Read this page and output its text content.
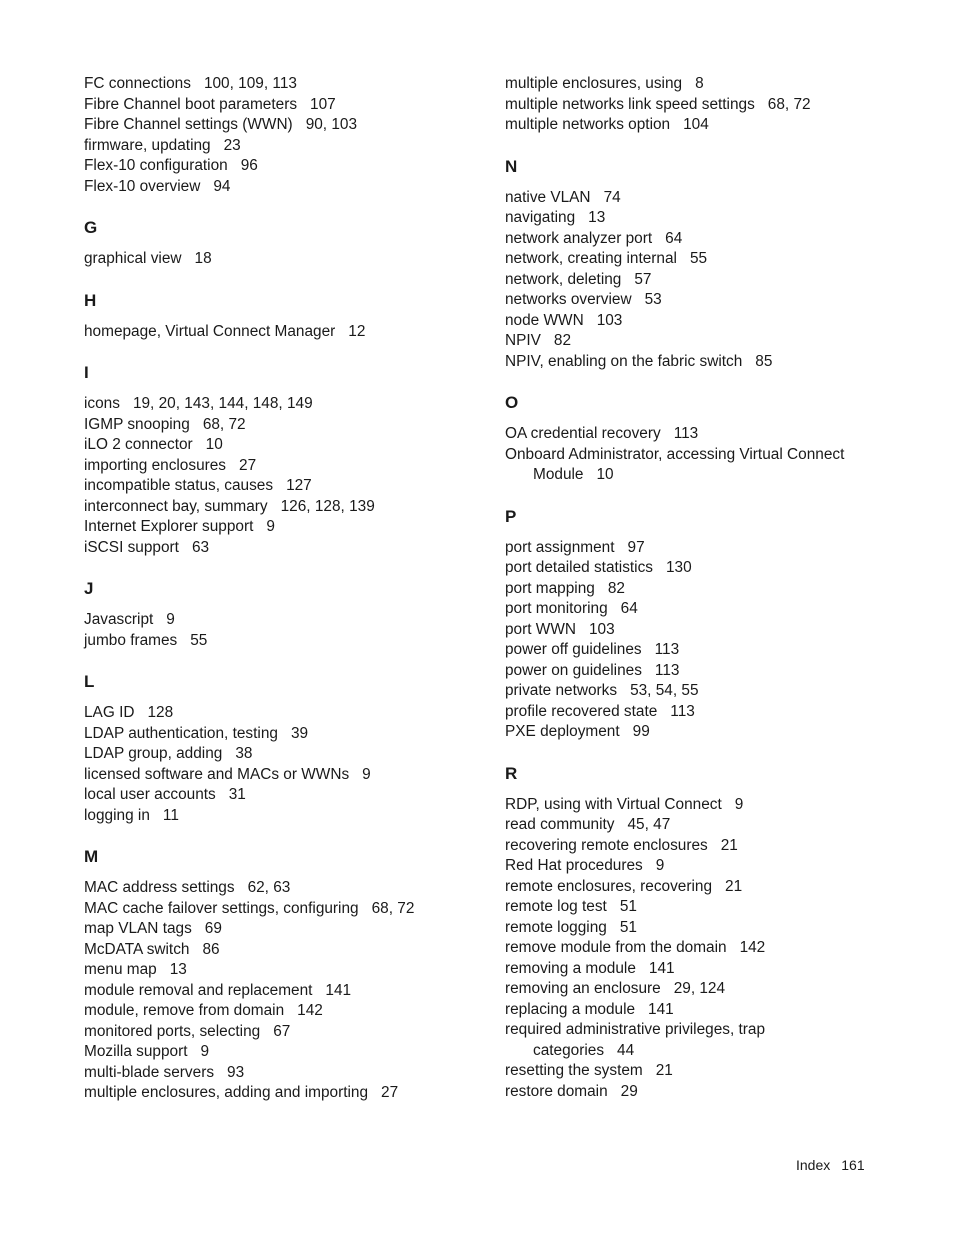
FC connections 100, 109, 113
Fibre Channel boot parameters 107
Fibre Channel settings (WWN) 90, 103
firmware, updating 23
Flex-10 configuration 96
Flex-10 overview 94
G
graphical view 18
H
homepage, Virtual Connect Manager 12
I
icons 19, 20, 143, 144, 148, 149
IGMP snooping 68, 72
iLO 2 connector 10
importing enclosures 27
incompatible status, causes 127
interconnect bay, summary 126, 128, 139
Internet Explorer support 9
iSCSI support 63
J
Javascript 9
jumbo frames 55
L
LAG ID 128
LDAP authentication, testing 39
LDAP group, adding 38
licensed software and MACs or WWNs 9
local user accounts 31
logging in 11
M
MAC address settings 62, 63
MAC cache failover settings, configuring 68, 72
map VLAN tags 69
McDATA switch 86
menu map 13
module removal and replacement 141
module, remove from domain 142
monitored ports, selecting 67
Mozilla support 9
multi-blade servers 93
multiple enclosures, adding and importing 27
multiple enclosures, using 8
multiple networks link speed settings 68, 72
multiple networks option 104
N
native VLAN 74
navigating 13
network analyzer port 64
network, creating internal 55
network, deleting 57
networks overview 53
node WWN 103
NPIV 82
NPIV, enabling on the fabric switch 85
O
OA credential recovery 113
Onboard Administrator, accessing Virtual Connect
Module 10
P
port assignment 97
port detailed statistics 130
port mapping 82
port monitoring 64
port WWN 103
power off guidelines 113
power on guidelines 113
private networks 53, 54, 55
profile recovered state 113
PXE deployment 99
R
RDP, using with Virtual Connect 9
read community 45, 47
recovering remote enclosures 21
Red Hat procedures 9
remote enclosures, recovering 21
remote log test 51
remote logging 51
remove module from the domain 142
removing a module 141
removing an enclosure 29, 124
replacing a module 141
required administrative privileges, trap
categories 44
resetting the system 21
restore domain 29
Index 161
